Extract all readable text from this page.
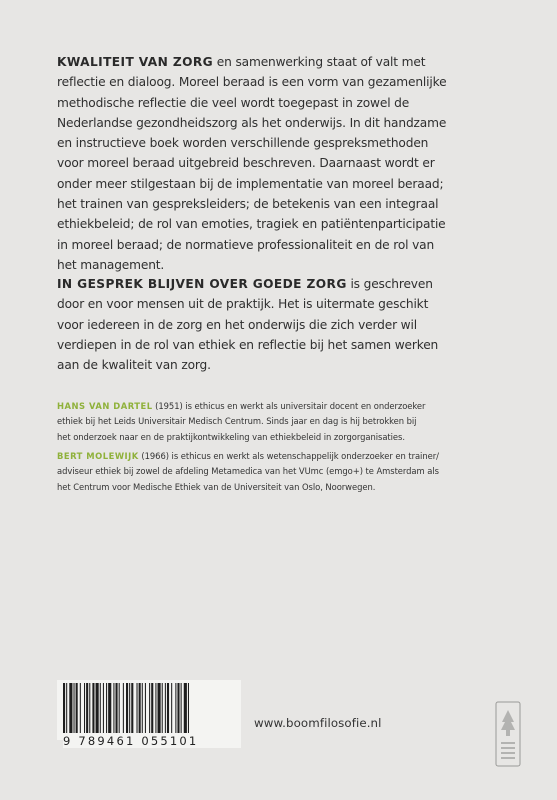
KWALITEIT VAN ZORG en samenwerking staat of valt met
reflectie en dialoog. Moreel beraad is een vorm van gezamenlijke
methodische reflectie die veel wordt toegepast in zowel de
Nederlandse gezondheidszorg als het onderwijs. In dit handzame
en instructieve boek worden verschillende gespreksmethoden
voor moreel beraad uitgebreid beschreven. Daarnaast wordt er
onder meer stilgestaan bij de implementatie van moreel beraad;
het trainen van gespreksleiders; de betekenis van een integraal
ethiekbeleid; de rol van emoties, tragiek en patiëntenparticipatie
in moreel beraad; de normatieve professionaliteit en de rol van
het management.
IN GESPREK BLIJVEN OVER GOEDE ZORG is geschreven
door en voor mensen uit de praktijk. Het is uitermate geschikt
voor iedereen in de zorg en het onderwijs die zich verder wil
verdiepen in de rol van ethiek en reflectie bij het samen werken
aan de kwaliteit van zorg.
HANS VAN DARTEL (1951) is ethicus en werkt als universitair docent en onderzoeker
ethiek bij het Leids Universitair Medisch Centrum. Sinds jaar en dag is hij betrokken bij
het onderzoek naar en de praktijkontwikkeling van ethiekbeleid in zorgorganisaties.
BERT MOLEWIJK (1966) is ethicus en werkt als wetenschappelijk onderzoeker en trainer/
adviseur ethiek bij zowel de afdeling Metamedica van het VUmc (emgo+) te Amsterdam als
het Centrum voor Medische Ethiek van de Universiteit van Oslo, Noorwegen.
9 789461 055101
www.boomfilosofie.nl
